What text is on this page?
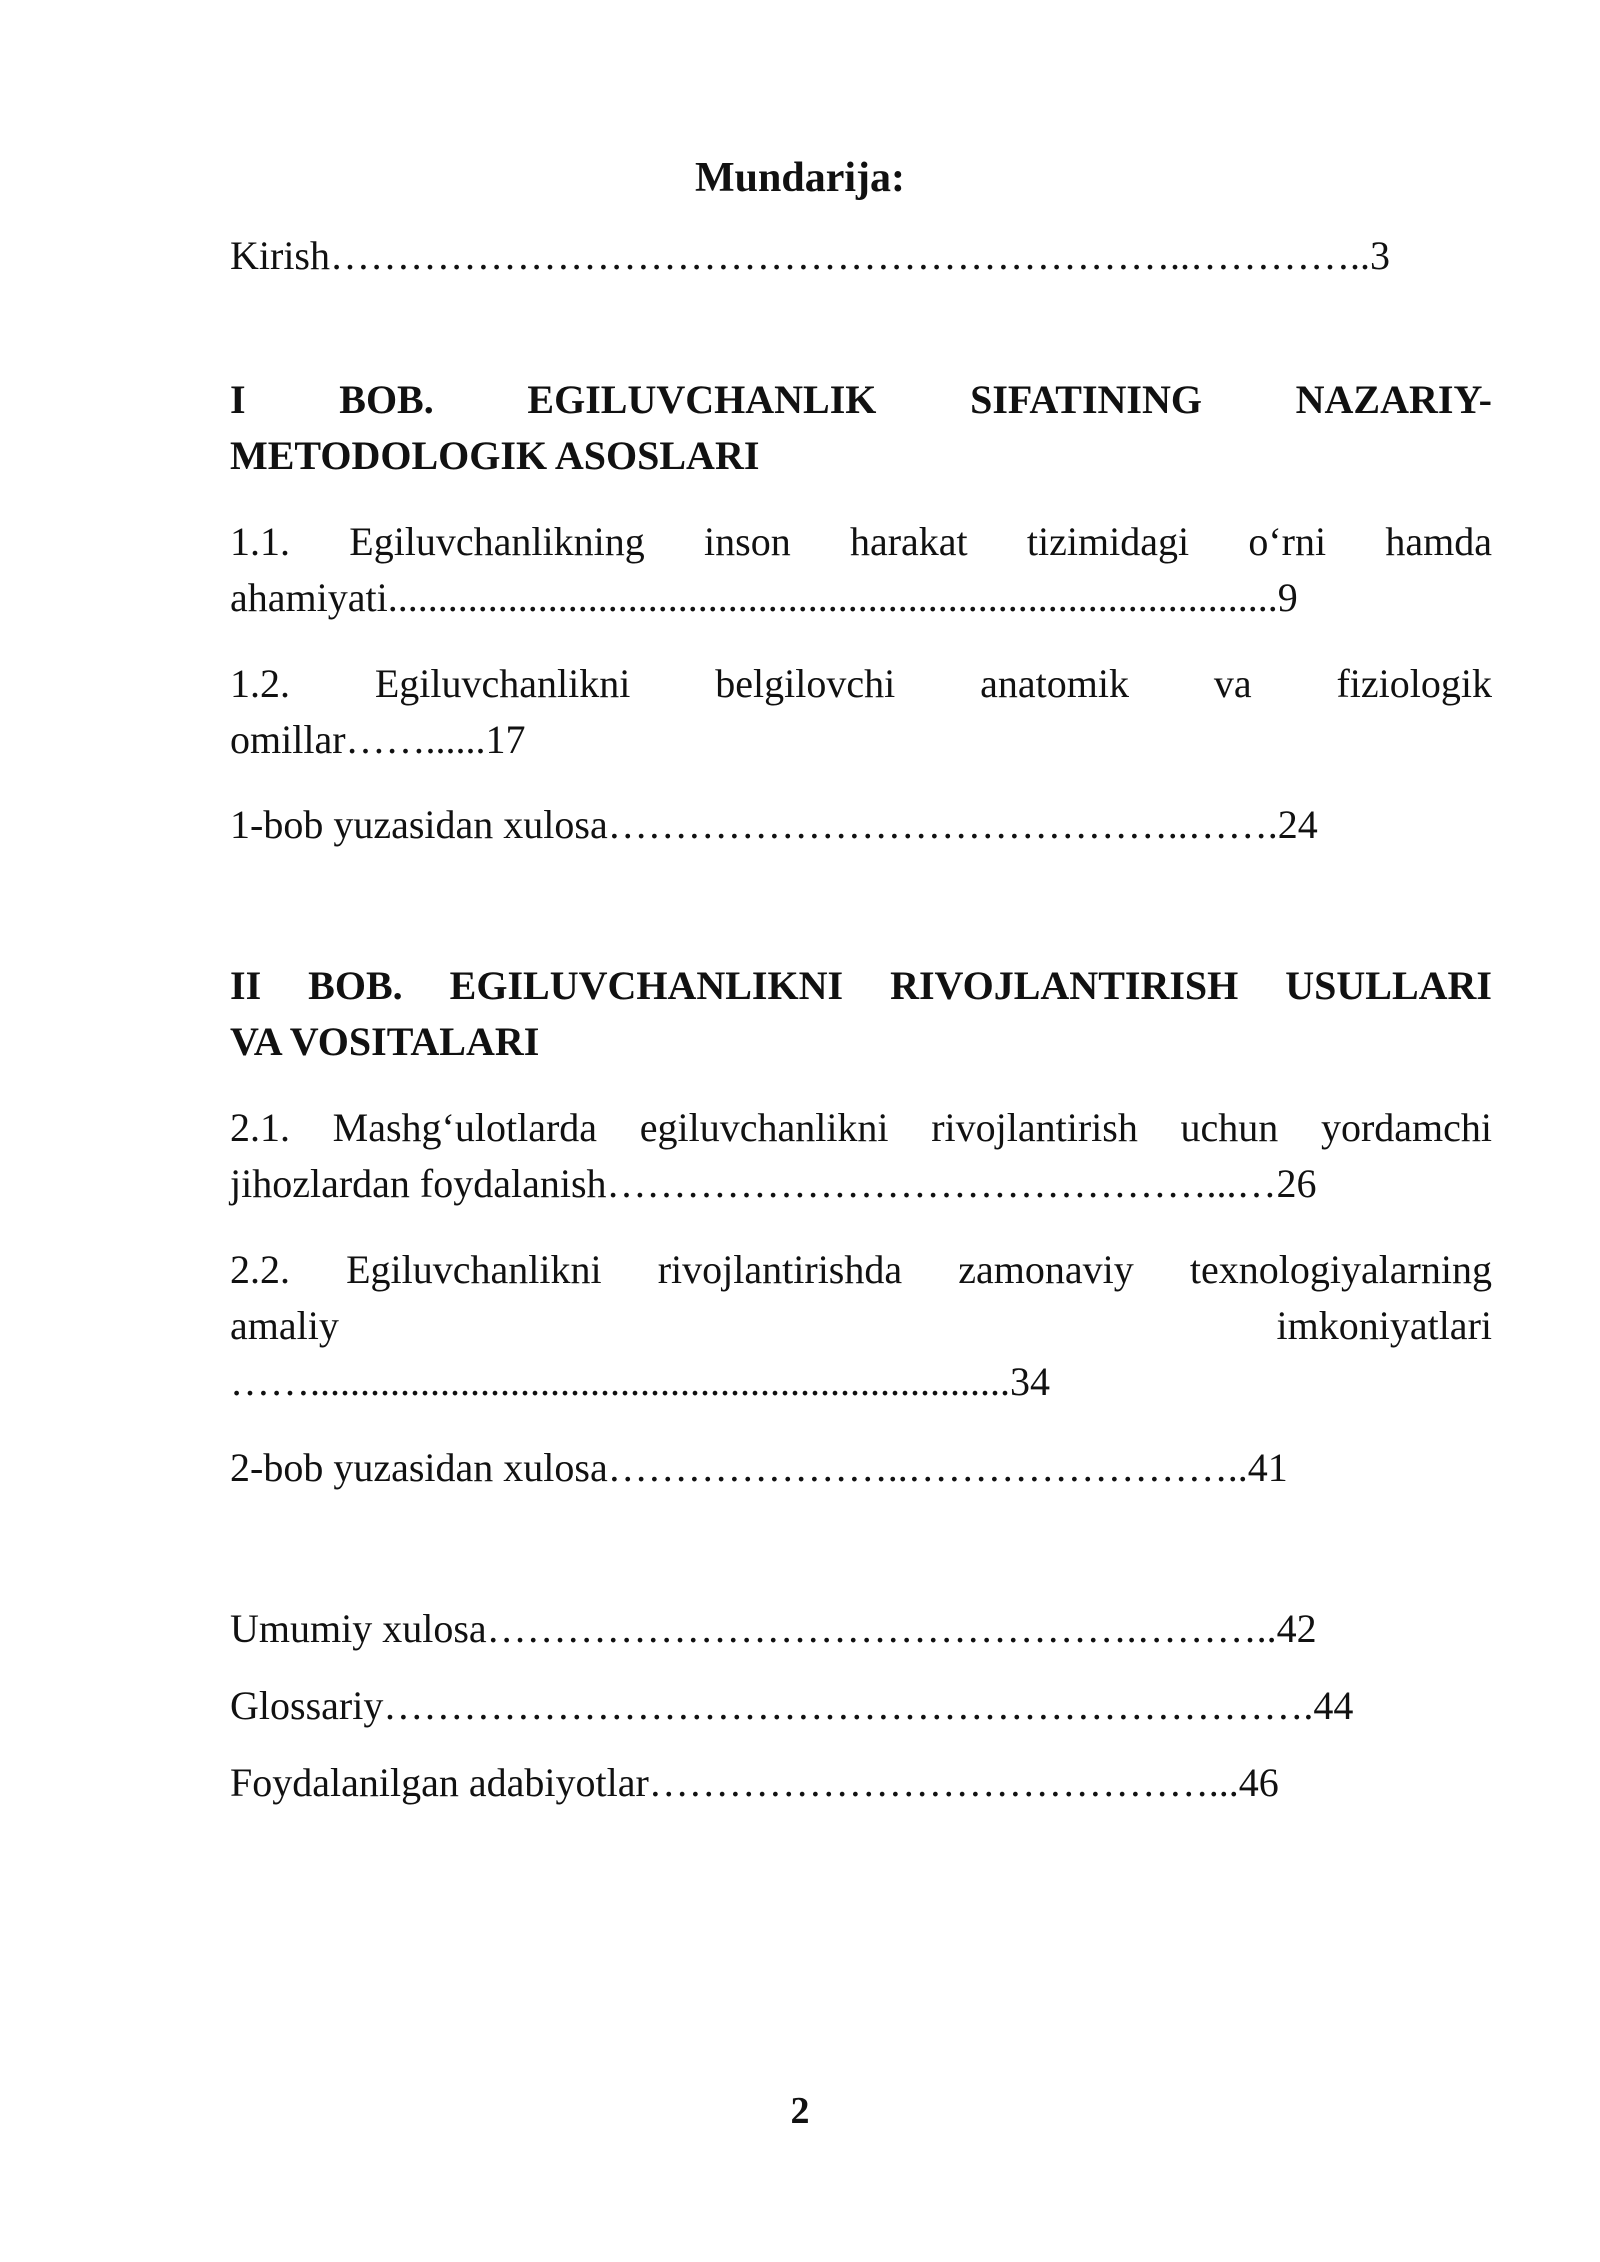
Mundarija:
Kirish………………………………………………………..…………..3
I BOB. EGILUVCHANLIK SIFATINING NAZARIY-
METODOLOGIK ASOSLARI
1.1. Egiluvchanlikning inson harakat tizimidagi o‘rni hamda
ahamiyati.........................................................................................9
1.2. Egiluvchanlikni belgilovchi anatomik va fiziologik
omillar……......17
1-bob yuzasidan xulosa……………………………………..…….24
II BOB. EGILUVCHANLIKNI RIVOJLANTIRISH USULLARI
VA VOSITALARI
2.1. Mashg‘ulotlarda egiluvchanlikni rivojlantirish uchun yordamchi
jihozlardan foydalanish………………………………………...…26
2.2. Egiluvchanlikni rivojlantirishda zamonaviy texnologiyalarning
amaliy imkoniyatlari
……......................................................................34
2-bob yuzasidan xulosa…………………..……………………..41
Umumiy xulosa………………………………………….………..42
Glossariy…………………………………………………………….44
Foydalanilgan adabiyotlar……………………………………...46
2
